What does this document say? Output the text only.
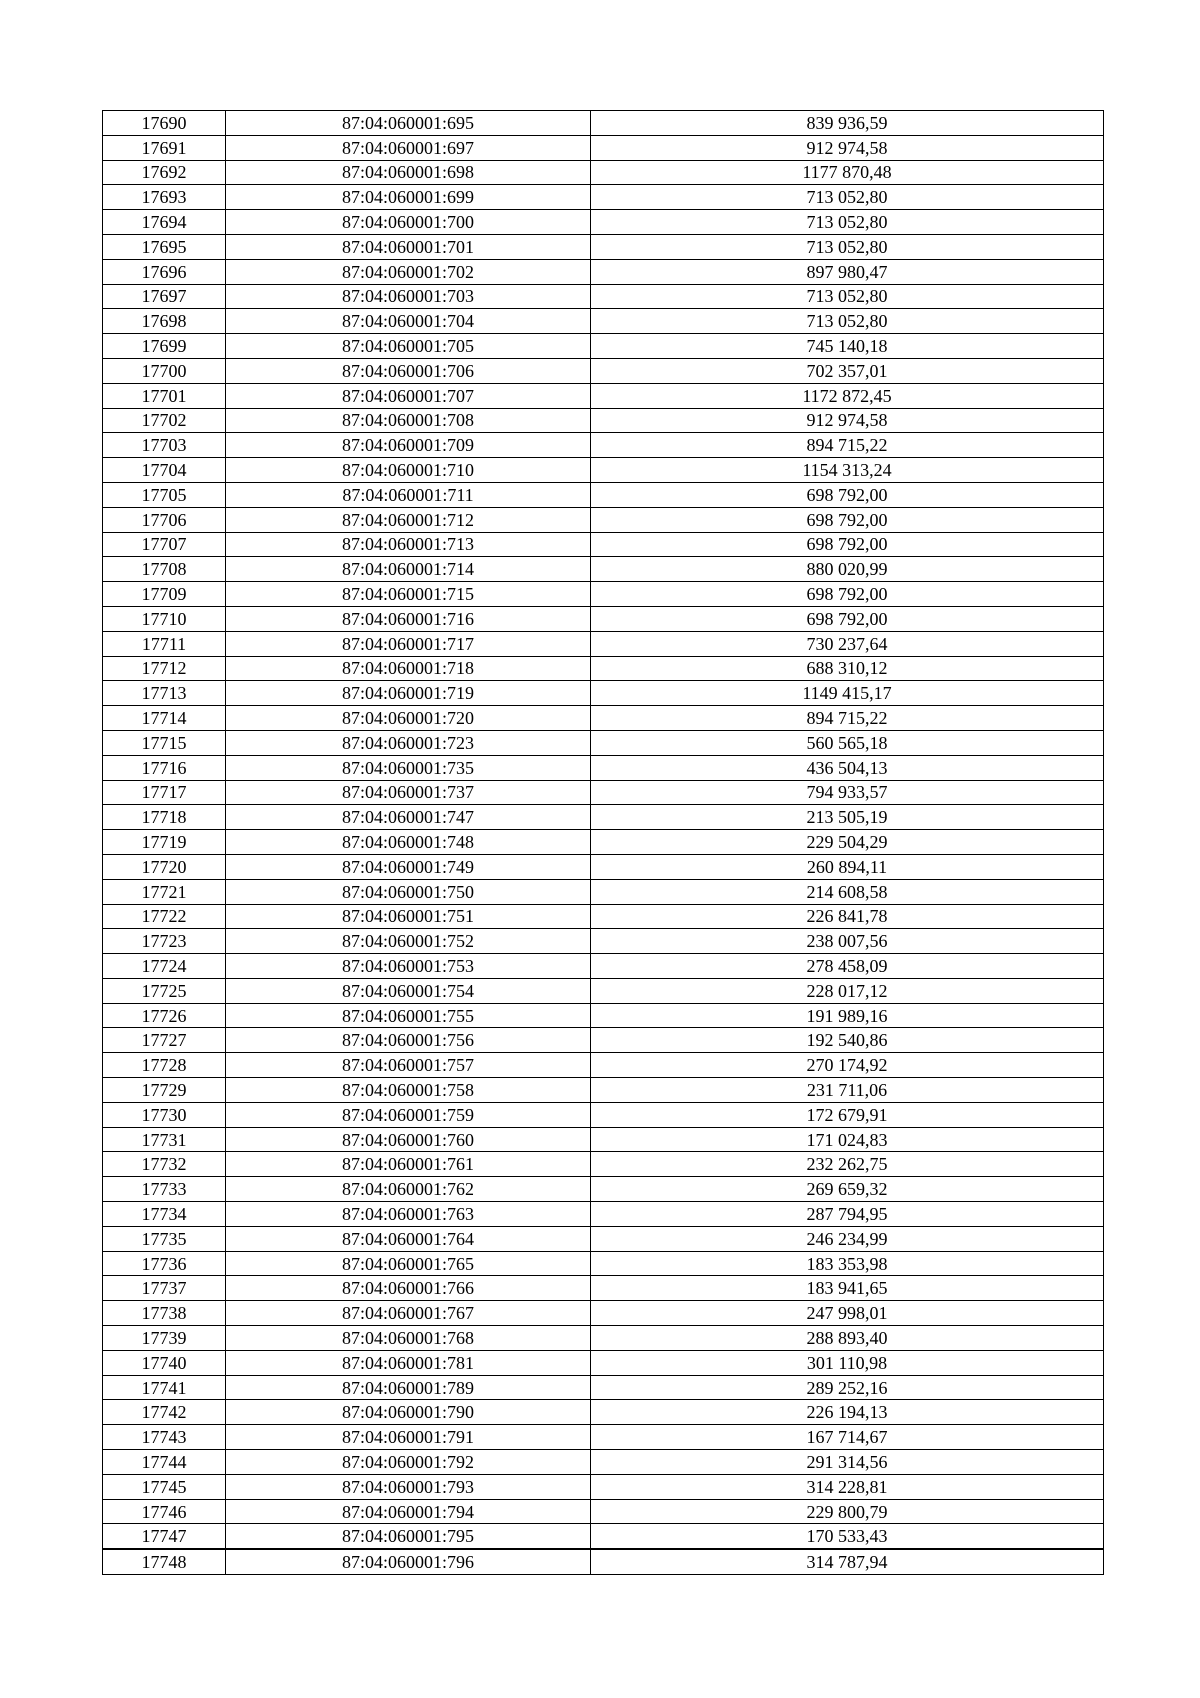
17690	87:04:060001:695	839 936,59
17691	87:04:060001:697	912 974,58
17692	87:04:060001:698	1177 870,48
17693	87:04:060001:699	713 052,80
17694	87:04:060001:700	713 052,80
17695	87:04:060001:701	713 052,80
17696	87:04:060001:702	897 980,47
17697	87:04:060001:703	713 052,80
17698	87:04:060001:704	713 052,80
17699	87:04:060001:705	745 140,18
17700	87:04:060001:706	702 357,01
17701	87:04:060001:707	1172 872,45
17702	87:04:060001:708	912 974,58
17703	87:04:060001:709	894 715,22
17704	87:04:060001:710	1154 313,24
17705	87:04:060001:711	698 792,00
17706	87:04:060001:712	698 792,00
17707	87:04:060001:713	698 792,00
17708	87:04:060001:714	880 020,99
17709	87:04:060001:715	698 792,00
17710	87:04:060001:716	698 792,00
17711	87:04:060001:717	730 237,64
17712	87:04:060001:718	688 310,12
17713	87:04:060001:719	1149 415,17
17714	87:04:060001:720	894 715,22
17715	87:04:060001:723	560 565,18
17716	87:04:060001:735	436 504,13
17717	87:04:060001:737	794 933,57
17718	87:04:060001:747	213 505,19
17719	87:04:060001:748	229 504,29
17720	87:04:060001:749	260 894,11
17721	87:04:060001:750	214 608,58
17722	87:04:060001:751	226 841,78
17723	87:04:060001:752	238 007,56
17724	87:04:060001:753	278 458,09
17725	87:04:060001:754	228 017,12
17726	87:04:060001:755	191 989,16
17727	87:04:060001:756	192 540,86
17728	87:04:060001:757	270 174,92
17729	87:04:060001:758	231 711,06
17730	87:04:060001:759	172 679,91
17731	87:04:060001:760	171 024,83
17732	87:04:060001:761	232 262,75
17733	87:04:060001:762	269 659,32
17734	87:04:060001:763	287 794,95
17735	87:04:060001:764	246 234,99
17736	87:04:060001:765	183 353,98
17737	87:04:060001:766	183 941,65
17738	87:04:060001:767	247 998,01
17739	87:04:060001:768	288 893,40
17740	87:04:060001:781	301 110,98
17741	87:04:060001:789	289 252,16
17742	87:04:060001:790	226 194,13
17743	87:04:060001:791	167 714,67
17744	87:04:060001:792	291 314,56
17745	87:04:060001:793	314 228,81
17746	87:04:060001:794	229 800,79
17747	87:04:060001:795	170 533,43
17748	87:04:060001:796	314 787,94
